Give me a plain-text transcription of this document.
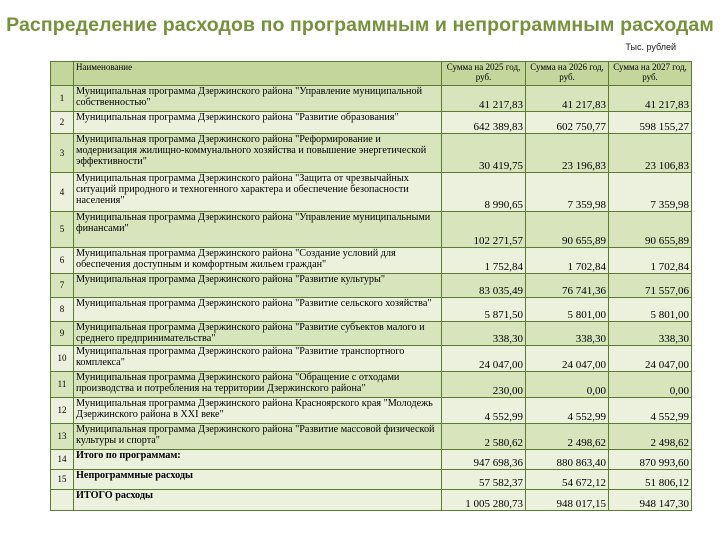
Распределение расходов по программным и непрограммным расходам
Тыс. рублей
	Наименование	Сумма на 2025 год, руб.	Сумма на 2026 год, руб.	Сумма на 2027 год, руб.
1	Муниципальная программа Дзержинского района "Управление муниципальной собственностью"	41 217,83	41 217,83	41 217,83
2	Муниципальная программа Дзержинского района "Развитие образования"	642 389,83	602 750,77	598 155,27
3	Муниципальная программа Дзержинского района "Реформирование и модернизация жилищно-коммунального хозяйства и повышение энергетической эффективности"	30 419,75	23 196,83	23 106,83
4	Муниципальная программа Дзержинского района "Защита от чрезвычайных ситуаций природного и техногенного характера и обеспечение безопасности населения"	8 990,65	7 359,98	7 359,98
5	Муниципальная программа Дзержинского района "Управление муниципальными финансами"	102 271,57	90 655,89	90 655,89
6	Муниципальная программа Дзержинского района "Создание условий для обеспечения доступным и комфортным жильем граждан"	1 752,84	1 702,84	1 702,84
7	Муниципальная программа Дзержинского района "Развитие культуры"	83 035,49	76 741,36	71 557,06
8	Муниципальная программа Дзержинского района "Развитие сельского хозяйства"	5 871,50	5 801,00	5 801,00
9	Муниципальная программа Дзержинского района "Развитие субъектов малого и среднего предпринимательства"	338,30	338,30	338,30
10	Муниципальная программа Дзержинского района "Развитие транспортного комплекса"	24 047,00	24 047,00	24 047,00
11	Муниципальная программа Дзержинского района "Обращение с отходами производства и потребления на территории Дзержинского района"	230,00	0,00	0,00
12	Муниципальная программа Дзержинского района Красноярского края "Молодежь Дзержинского района в XXI веке"	4 552,99	4 552,99	4 552,99
13	Муниципальная программа Дзержинского района "Развитие массовой физической культуры и спорта"	2 580,62	2 498,62	2 498,62
14	Итого по программам:	947 698,36	880 863,40	870 993,60
15	Непрограммные расходы	57 582,37	54 672,12	51 806,12
	ИТОГО расходы	1 005 280,73	948 017,15	948 147,30
